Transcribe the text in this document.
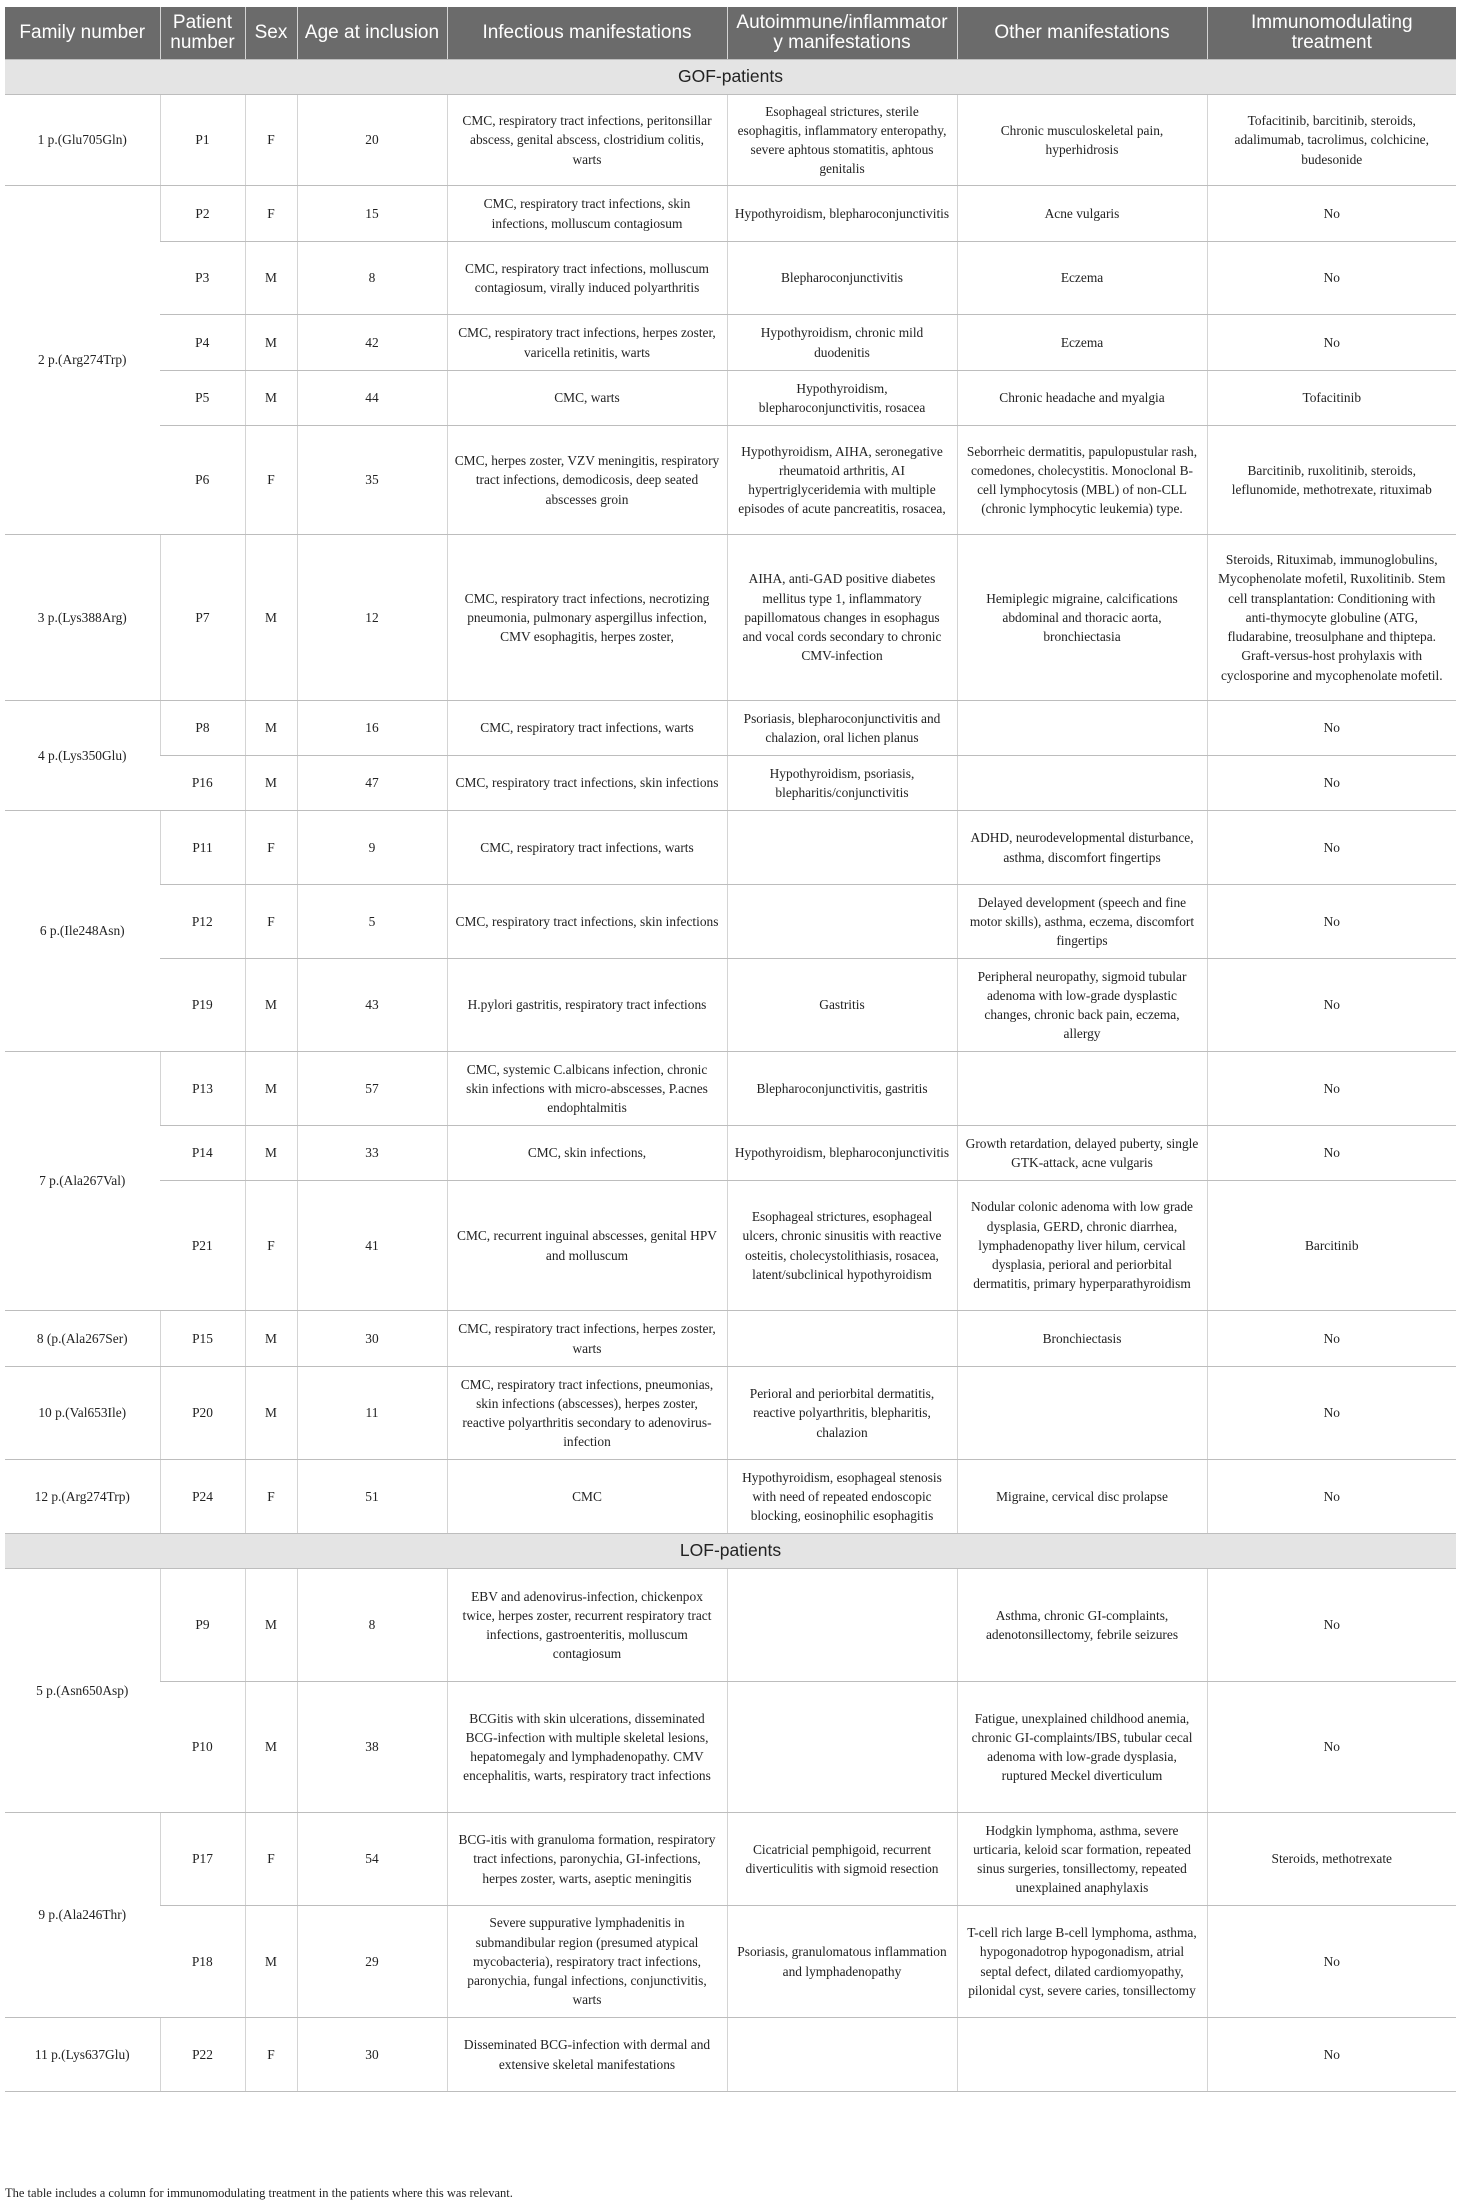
Family number	Patient number	Sex	Age at inclusion	Infectious manifestations	Autoimmune/inflammatory manifestations	Other manifestations	Immunomodulating treatment
GOF-patients							
1 p.(Glu705Gln)	P1	F	20	CMC, respiratory tract infections, peritonsillar abscess, genital abscess, clostridium colitis, warts	Esophageal strictures, sterile esophagitis, inflammatory enteropathy, severe aphtous stomatitis, aphtous genitalis	Chronic musculoskeletal pain, hyperhidrosis	Tofacitinib, barcitinib, steroids, adalimumab, tacrolimus, colchicine, budesonide
2 p.(Arg274Trp)	P2	F	15	CMC, respiratory tract infections, skin infections, molluscum contagiosum	Hypothyroidism, blepharoconjunctivitis	Acne vulgaris	No
	P3	M	8	CMC, respiratory tract infections, molluscum contagiosum, virally induced polyarthritis	Blepharoconjunctivitis	Eczema	No
	P4	M	42	CMC, respiratory tract infections, herpes zoster, varicella retinitis, warts	Hypothyroidism, chronic mild duodenitis	Eczema	No
	P5	M	44	CMC, warts	Hypothyroidism, blepharoconjunctivitis, rosacea	Chronic headache and myalgia	Tofacitinib
	P6	F	35	CMC, herpes zoster, VZV meningitis, respiratory tract infections, demodicosis, deep seated abscesses groin	Hypothyroidism, AIHA, seronegative rheumatoid arthritis, AI hypertriglyceridemia with multiple episodes of acute pancreatitis, rosacea,	Seborrheic dermatitis, papulopustular rash, comedones, cholecystitis. Monoclonal B-cell lymphocytosis (MBL) of non-CLL (chronic lymphocytic leukemia) type.	Barcitinib, ruxolitinib, steroids, leflunomide, methotrexate, rituximab
3 p.(Lys388Arg)	P7	M	12	CMC, respiratory tract infections, necrotizing pneumonia, pulmonary aspergillus infection, CMV esophagitis, herpes zoster,	AIHA, anti-GAD positive diabetes mellitus type 1, inflammatory papillomatous changes in esophagus and vocal cords secondary to chronic CMV-infection	Hemiplegic migraine, calcifications abdominal and thoracic aorta, bronchiectasia	Steroids, Rituximab, immunoglobulins, Mycophenolate mofetil, Ruxolitinib. Stem cell transplantation: Conditioning with anti-thymocyte globuline (ATG, fludarabine, treosulphane and thiptepa. Graft-versus-host prohylaxis with cyclosporine and mycophenolate mofetil.
4 p.(Lys350Glu)	P8	M	16	CMC, respiratory tract infections, warts	Psoriasis, blepharoconjunctivitis and chalazion, oral lichen planus		No
	P16	M	47	CMC, respiratory tract infections, skin infections	Hypothyroidism, psoriasis, blepharitis/conjunctivitis		No
6 p.(Ile248Asn)	P11	F	9	CMC, respiratory tract infections, warts		ADHD, neurodevelopmental disturbance, asthma, discomfort fingertips	No
	P12	F	5	CMC, respiratory tract infections, skin infections		Delayed development (speech and fine motor skills), asthma, eczema, discomfort fingertips	No
	P19	M	43	H.pylori gastritis, respiratory tract infections	Gastritis	Peripheral neuropathy, sigmoid tubular adenoma with low-grade dysplastic changes, chronic back pain, eczema, allergy	No
7 p.(Ala267Val)	P13	M	57	CMC, systemic C.albicans infection, chronic skin infections with micro-abscesses, P.acnes endophtalmitis	Blepharoconjunctivitis, gastritis		No
	P14	M	33	CMC, skin infections,	Hypothyroidism, blepharoconjunctivitis	Growth retardation, delayed puberty, single GTK-attack, acne vulgaris	No
	P21	F	41	CMC, recurrent inguinal abscesses, genital HPV and molluscum	Esophageal strictures, esophageal ulcers, chronic sinusitis with reactive osteitis, cholecystolithiasis, rosacea, latent/subclinical hypothyroidism	Nodular colonic adenoma with low grade dysplasia, GERD, chronic diarrhea, lymphadenopathy liver hilum, cervical dysplasia, perioral and periorbital dermatitis, primary hyperparathyroidism	Barcitinib
8 (p.(Ala267Ser)	P15	M	30	CMC, respiratory tract infections, herpes zoster, warts		Bronchiectasis	No
10 p.(Val653Ile)	P20	M	11	CMC, respiratory tract infections, pneumonias, skin infections (abscesses), herpes zoster, reactive polyarthritis secondary to adenovirus-infection	Perioral and periorbital dermatitis, reactive polyarthritis, blepharitis, chalazion		No
12 p.(Arg274Trp)	P24	F	51	CMC	Hypothyroidism, esophageal stenosis with need of repeated endoscopic blocking, eosinophilic esophagitis	Migraine, cervical disc prolapse	No
LOF-patients							
5 p.(Asn650Asp)	P9	M	8	EBV and adenovirus-infection, chickenpox twice, herpes zoster, recurrent respiratory tract infections, gastroenteritis, molluscum contagiosum		Asthma, chronic GI-complaints, adenotonsillectomy, febrile seizures	No
	P10	M	38	BCGitis with skin ulcerations, disseminated BCG-infection with multiple skeletal lesions, hepatomegaly and lymphadenopathy. CMV encephalitis, warts, respiratory tract infections		Fatigue, unexplained childhood anemia, chronic GI-complaints/IBS, tubular cecal adenoma with low-grade dysplasia, ruptured Meckel diverticulum	No
9 p.(Ala246Thr)	P17	F	54	BCG-itis with granuloma formation, respiratory tract infections, paronychia, GI-infections, herpes zoster, warts, aseptic meningitis	Cicatricial pemphigoid, recurrent diverticulitis with sigmoid resection	Hodgkin lymphoma, asthma, severe urticaria, keloid scar formation, repeated sinus surgeries, tonsillectomy, repeated unexplained anaphylaxis	Steroids, methotrexate
	P18	M	29	Severe suppurative lymphadenitis in submandibular region (presumed atypical mycobacteria), respiratory tract infections, paronychia, fungal infections, conjunctivitis, warts	Psoriasis, granulomatous inflammation and lymphadenopathy	T-cell rich large B-cell lymphoma, asthma, hypogonadotrop hypogonadism, atrial septal defect, dilated cardiomyopathy, pilonidal cyst, severe caries, tonsillectomy	No
11 p.(Lys637Glu)	P22	F	30	Disseminated BCG-infection with dermal and extensive skeletal manifestations			No
The table includes a column for immunomodulating treatment in the patients where this was relevant.
